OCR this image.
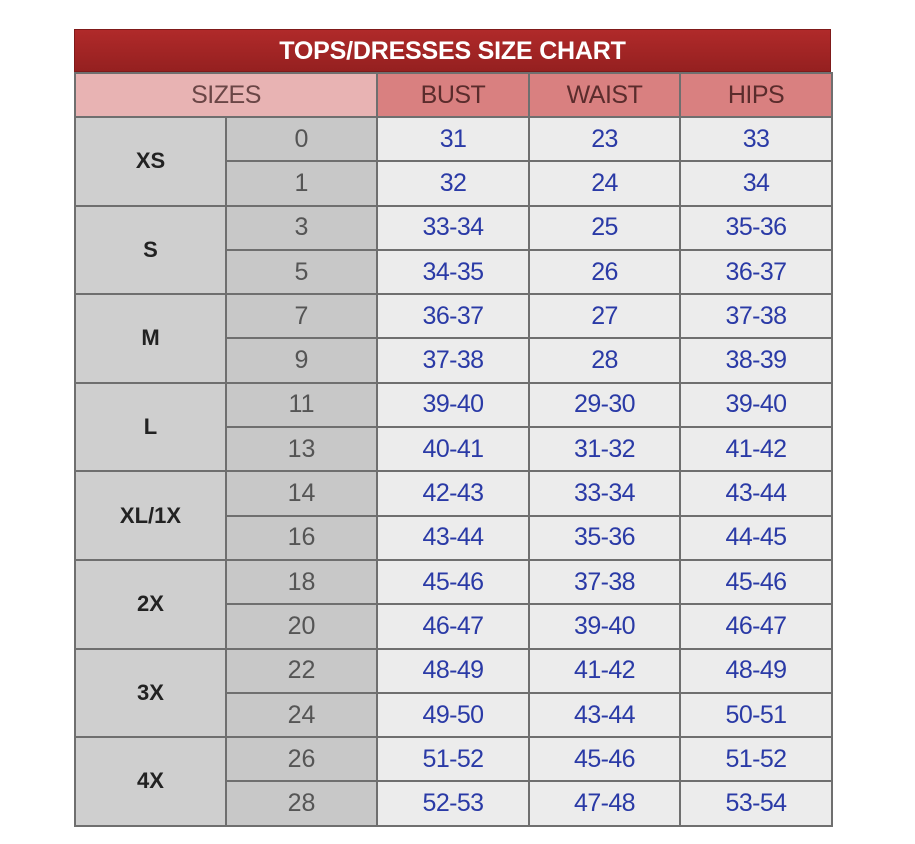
TOPS/DRESSES SIZE CHART
SIZES		BUST	WAIST	HIPS
XS	0	31	23	33
	1	32	24	34
S	3	33-34	25	35-36
	5	34-35	26	36-37
M	7	36-37	27	37-38
	9	37-38	28	38-39
L	11	39-40	29-30	39-40
	13	40-41	31-32	41-42
XL/1X	14	42-43	33-34	43-44
	16	43-44	35-36	44-45
2X	18	45-46	37-38	45-46
	20	46-47	39-40	46-47
3X	22	48-49	41-42	48-49
	24	49-50	43-44	50-51
4X	26	51-52	45-46	51-52
	28	52-53	47-48	53-54
